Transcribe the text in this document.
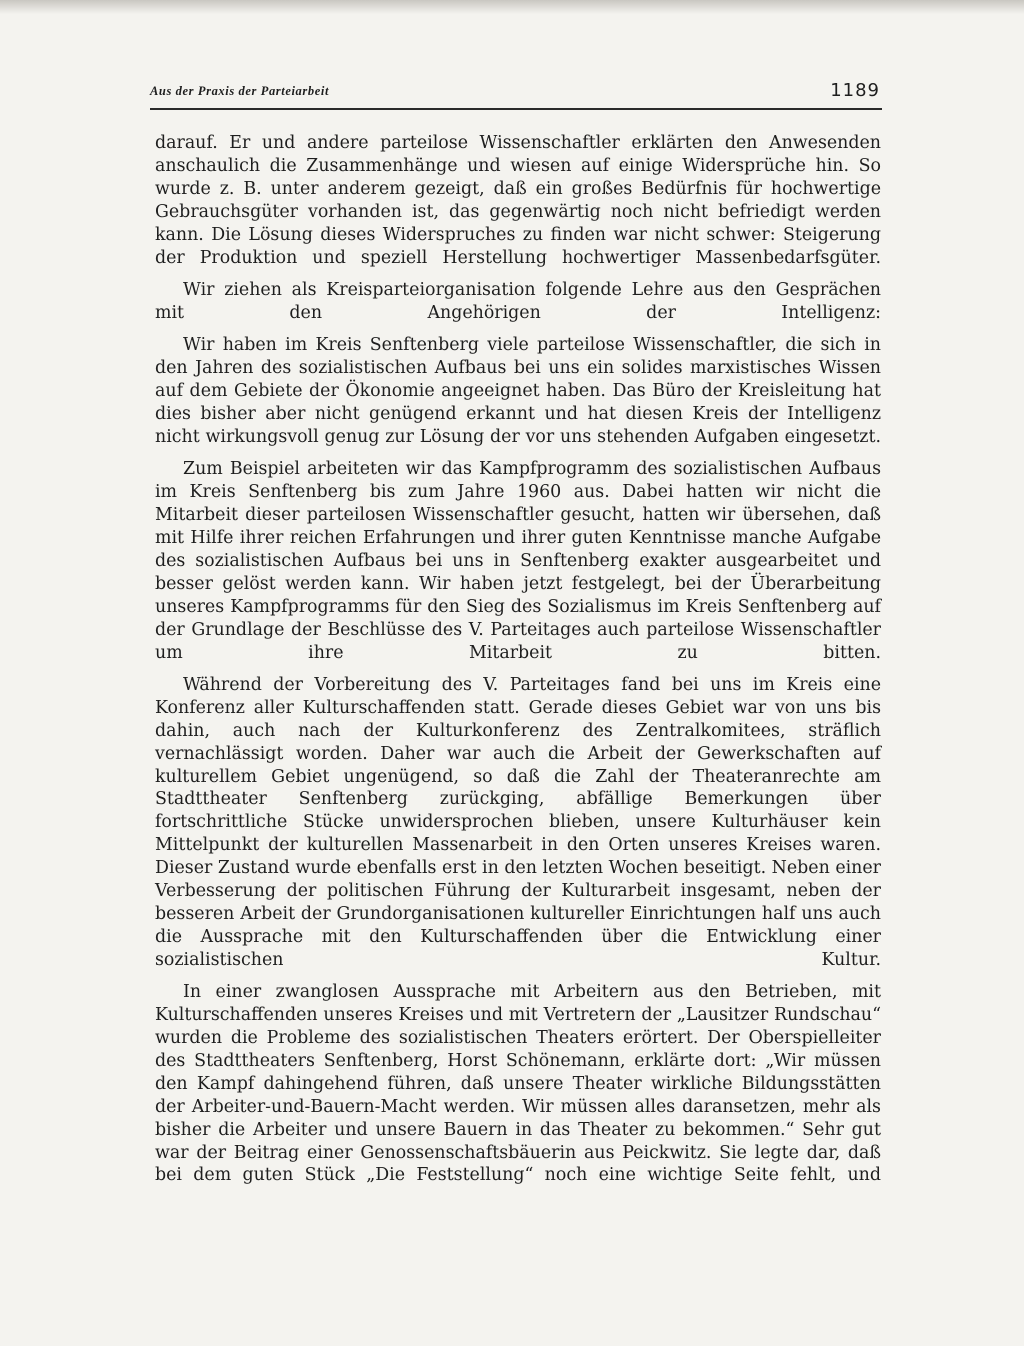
Aus der Praxis der Parteiarbeit	1189

darauf. Er und andere parteilose Wissenschaftler erklärten den Anwesenden anschaulich die Zusammenhänge und wiesen auf einige Widersprüche hin. So wurde z. B. unter anderem gezeigt, daß ein großes Bedürfnis für hochwertige Gebrauchsgüter vorhanden ist, das gegenwärtig noch nicht befriedigt werden kann. Die Lösung dieses Widerspruches zu finden war nicht schwer: Steigerung der Produktion und speziell Herstellung hochwertiger Massenbedarfsgüter.

Wir ziehen als Kreisparteiorganisation folgende Lehre aus den Gesprächen mit den Angehörigen der Intelligenz:

Wir haben im Kreis Senftenberg viele parteilose Wissenschaftler, die sich in den Jahren des sozialistischen Aufbaus bei uns ein solides marxistisches Wissen auf dem Gebiete der Ökonomie angeeignet haben. Das Büro der Kreisleitung hat dies bisher aber nicht genügend erkannt und hat diesen Kreis der Intelligenz nicht wirkungsvoll genug zur Lösung der vor uns stehenden Aufgaben eingesetzt.

Zum Beispiel arbeiteten wir das Kampfprogramm des sozialistischen Aufbaus im Kreis Senftenberg bis zum Jahre 1960 aus. Dabei hatten wir nicht die Mitarbeit dieser parteilosen Wissenschaftler gesucht, hatten wir übersehen, daß mit Hilfe ihrer reichen Erfahrungen und ihrer guten Kenntnisse manche Aufgabe des sozialistischen Aufbaus bei uns in Senftenberg exakter ausgearbeitet und besser gelöst werden kann. Wir haben jetzt festgelegt, bei der Überarbeitung unseres Kampfprogramms für den Sieg des Sozialismus im Kreis Senftenberg auf der Grundlage der Beschlüsse des V. Parteitages auch parteilose Wissenschaftler um ihre Mitarbeit zu bitten.

Während der Vorbereitung des V. Parteitages fand bei uns im Kreis eine Konferenz aller Kulturschaffenden statt. Gerade dieses Gebiet war von uns bis dahin, auch nach der Kulturkonferenz des Zentralkomitees, sträflich vernachlässigt worden. Daher war auch die Arbeit der Gewerkschaften auf kulturellem Gebiet ungenügend, so daß die Zahl der Theateranrechte am Stadttheater Senftenberg zurückging, abfällige Bemerkungen über fortschrittliche Stücke unwidersprochen blieben, unsere Kulturhäuser kein Mittelpunkt der kulturellen Massenarbeit in den Orten unseres Kreises waren. Dieser Zustand wurde ebenfalls erst in den letzten Wochen beseitigt. Neben einer Verbesserung der politischen Führung der Kulturarbeit insgesamt, neben der besseren Arbeit der Grundorganisationen kultureller Einrichtungen half uns auch die Aussprache mit den Kulturschaffenden über die Entwicklung einer sozialistischen Kultur.

In einer zwanglosen Aussprache mit Arbeitern aus den Betrieben, mit Kulturschaffenden unseres Kreises und mit Vertretern der „Lausitzer Rundschau“ wurden die Probleme des sozialistischen Theaters erörtert. Der Oberspielleiter des Stadttheaters Senftenberg, Horst Schönemann, erklärte dort: „Wir müssen den Kampf dahingehend führen, daß unsere Theater wirkliche Bildungsstätten der Arbeiter-und-Bauern-Macht werden. Wir müssen alles daransetzen, mehr als bisher die Arbeiter und unsere Bauern in das Theater zu bekommen.“ Sehr gut war der Beitrag einer Genossenschaftsbäuerin aus Peickwitz. Sie legte dar, daß bei dem guten Stück „Die Feststellung“ noch eine wichtige Seite fehlt, und
